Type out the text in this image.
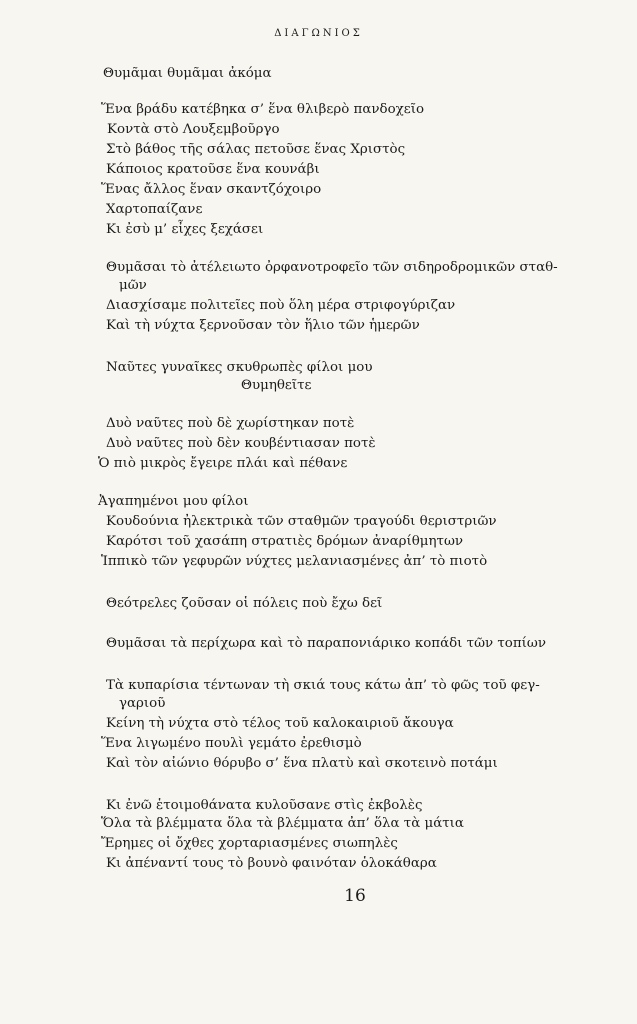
ΔΙΑΓΩΝΙΟΣ
Θυμᾶμαι θυμᾶμαι ἀκόμα
Ἕνα βράδυ κατέβηκα σ’ ἕνα θλιβερὸ πανδοχεῖο
Κοντὰ στὸ Λουξεμβοῦργο
Στὸ βάθος τῆς σάλας πετοῦσε ἕνας Χριστὸς
Κάποιος κρατοῦσε ἕνα κουνάβι
Ἕνας ἄλλος ἕναν σκαντζόχοιρο
Χαρτοπαίζανε
Κι ἐσὺ μ’ εἶχες ξεχάσει
Θυμᾶσαι τὸ ἀτέλειωτο ὀρφανοτροφεῖο τῶν σιδηροδρομικῶν σταθ-
μῶν
Διασχίσαμε πολιτεῖες ποὺ ὅλη μέρα στριφογύριζαν
Καὶ τὴ νύχτα ξερνοῦσαν τὸν ἥλιο τῶν ἡμερῶν
Ναῦτες γυναῖκες σκυθρωπὲς φίλοι μου
Θυμηθεῖτε
Δυὸ ναῦτες ποὺ δὲ χωρίστηκαν ποτὲ
Δυὸ ναῦτες ποὺ δὲν κουβέντιασαν ποτὲ
Ὁ πιὸ μικρὸς ἔγειρε πλάι καὶ πέθανε
Ἀγαπημένοι μου φίλοι
Κουδούνια ἠλεκτρικὰ τῶν σταθμῶν τραγούδι θεριστριῶν
Καρότσι τοῦ χασάπη στρατιὲς δρόμων ἀναρίθμητων
Ἱππικὸ τῶν γεφυρῶν νύχτες μελανιασμένες ἀπ’ τὸ πιοτὸ
Θεότρελες ζοῦσαν οἱ πόλεις ποὺ ἔχω δεῖ
Θυμᾶσαι τὰ περίχωρα καὶ τὸ παραπονιάρικο κοπάδι τῶν τοπίων
Τὰ κυπαρίσια τέντωναν τὴ σκιά τους κάτω ἀπ’ τὸ φῶς τοῦ φεγ-
γαριοῦ
Κείνη τὴ νύχτα στὸ τέλος τοῦ καλοκαιριοῦ ἄκουγα
Ἕνα λιγωμένο πουλὶ γεμάτο ἐρεθισμὸ
Καὶ τὸν αἰώνιο θόρυβο σ’ ἕνα πλατὺ καὶ σκοτεινὸ ποτάμι
Κι ἐνῶ ἑτοιμοθάνατα κυλοῦσανε στὶς ἐκβολὲς
Ὅλα τὰ βλέμματα ὅλα τὰ βλέμματα ἀπ’ ὅλα τὰ μάτια
Ἔρημες οἱ ὄχθες χορταριασμένες σιωπηλὲς
Κι ἀπέναντί τους τὸ βουνὸ φαινόταν ὁλοκάθαρα
16
